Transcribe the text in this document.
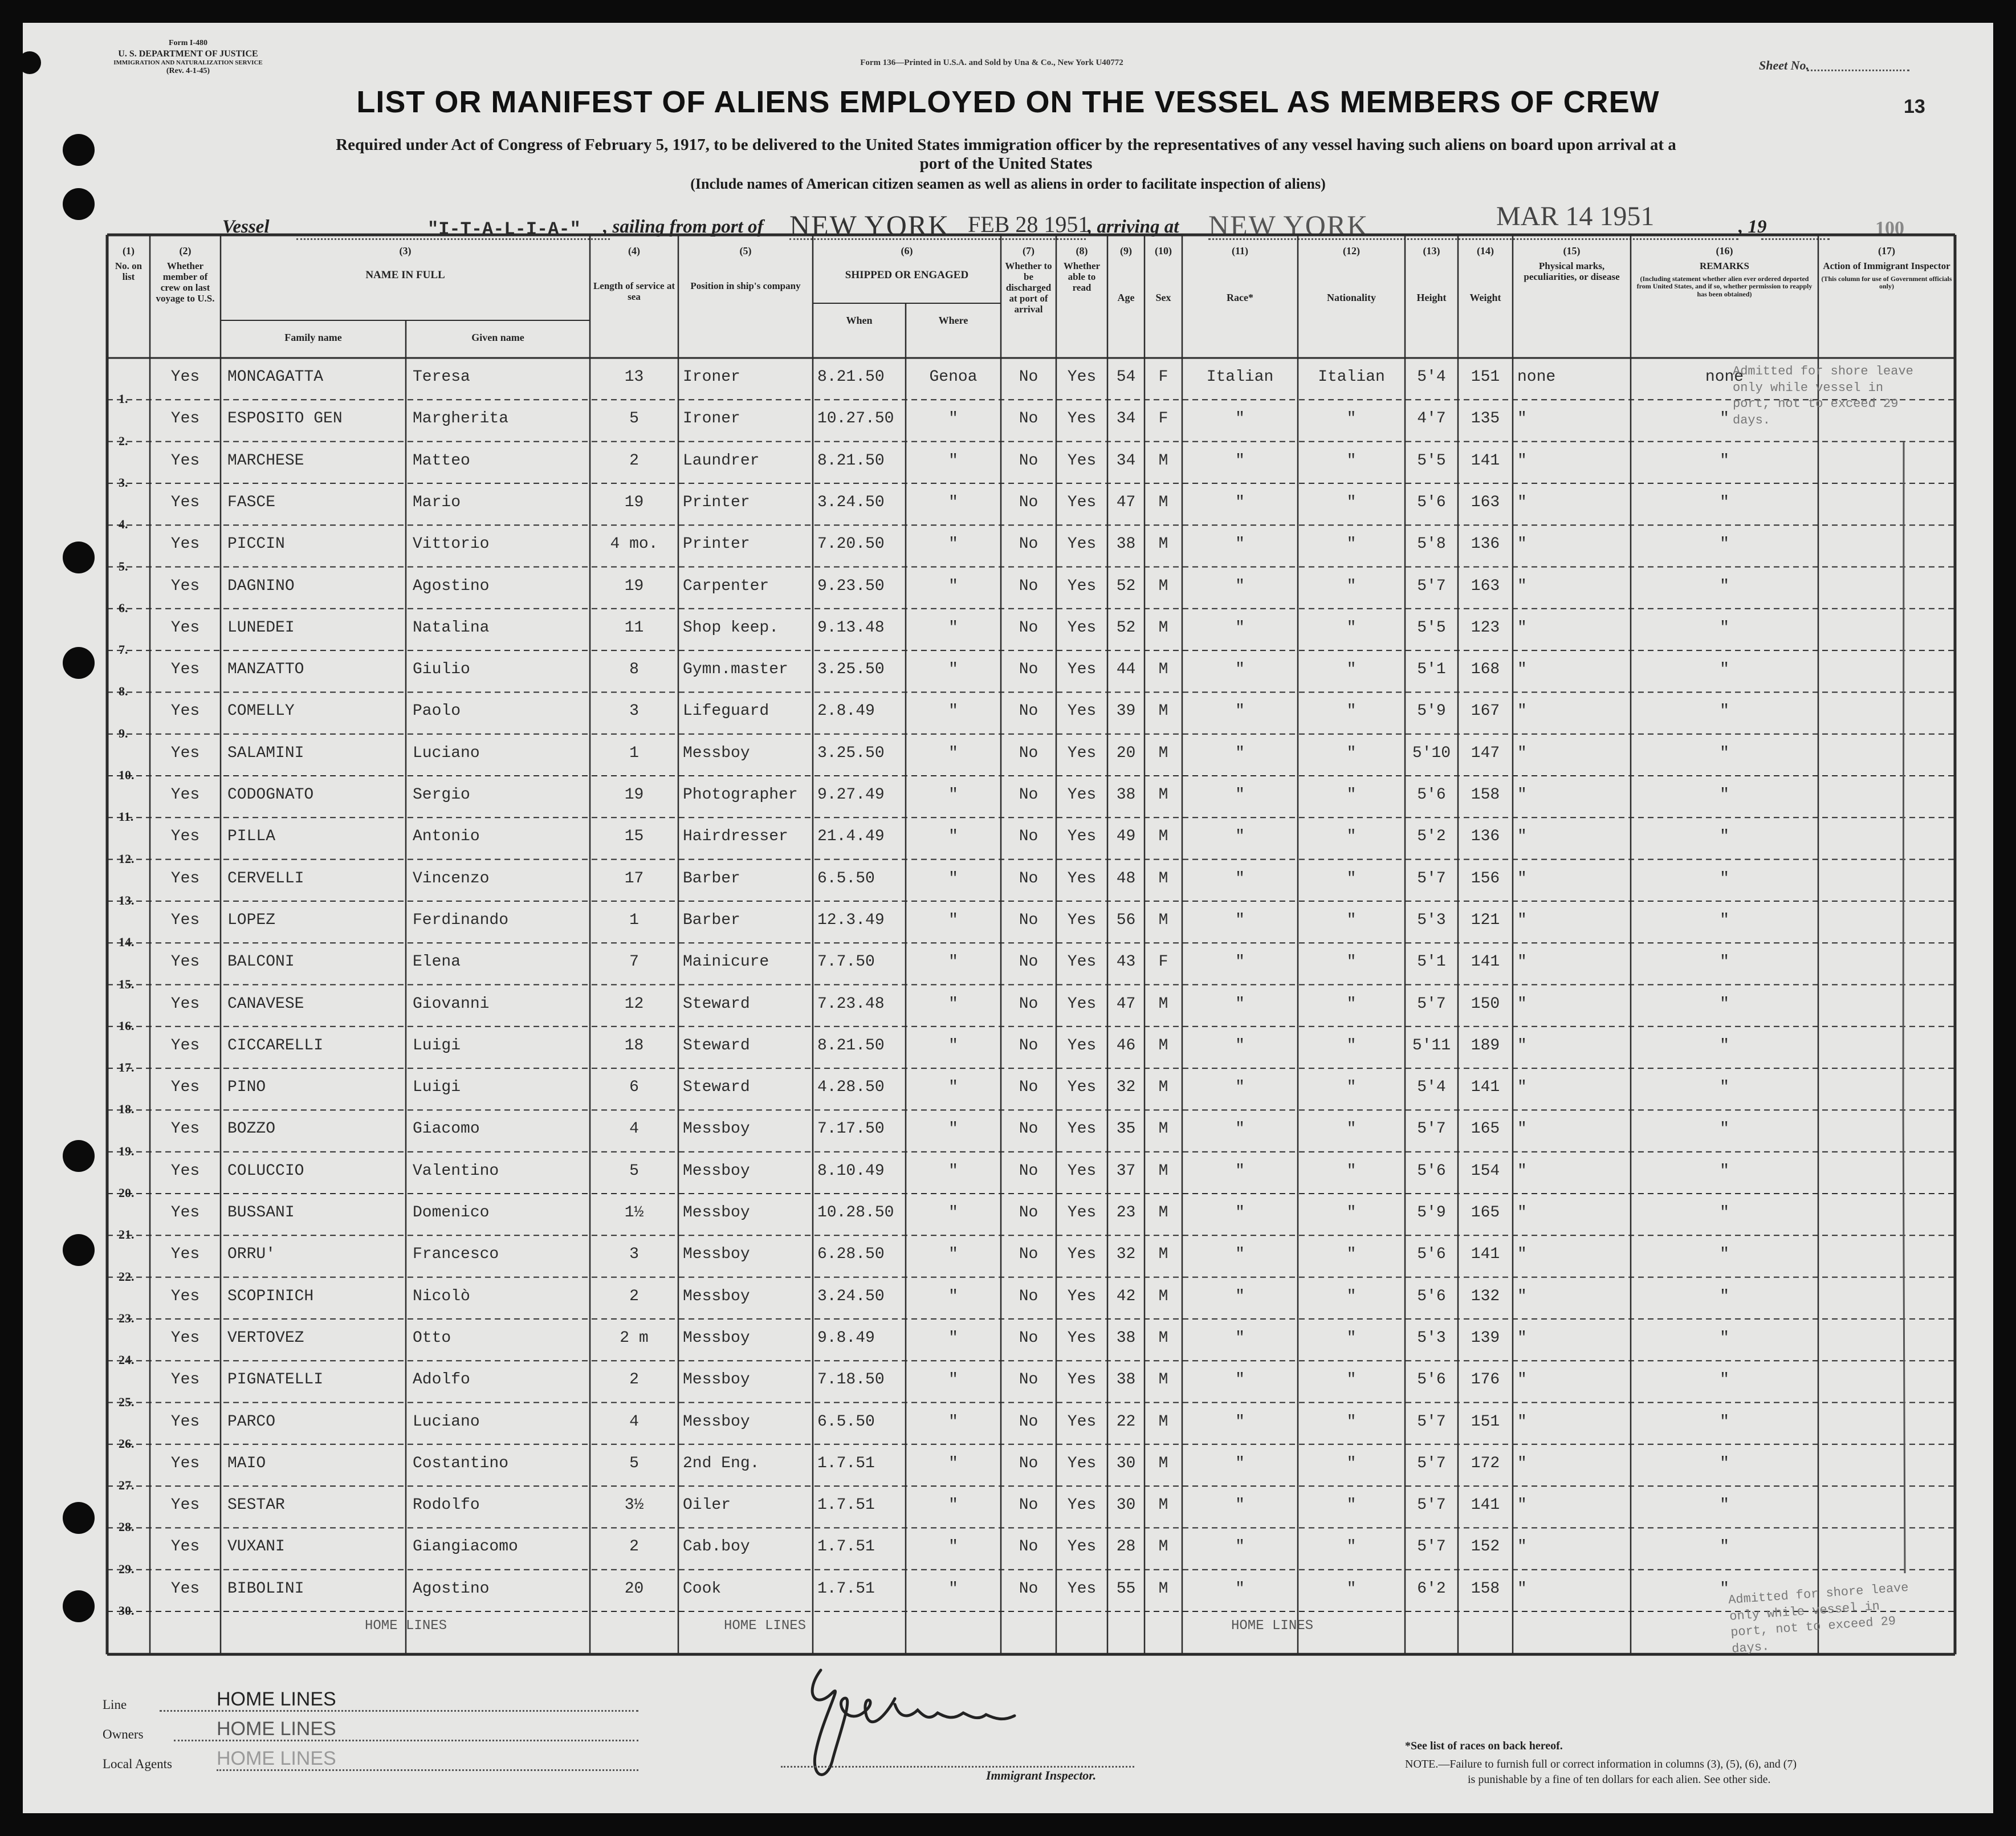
Form I-480
U. S. DEPARTMENT OF JUSTICE
IMMIGRATION AND NATURALIZATION SERVICE
(Rev. 4-1-45)
Form 136—Printed in U.S.A. and Sold by Una & Co., New York U40772	Sheet No.
13
LIST OR MANIFEST OF ALIENS EMPLOYED ON THE VESSEL AS MEMBERS OF CREW
Required under Act of Congress of February 5, 1917, to be delivered to the United States immigration officer by the representatives of any vessel having such aliens on board upon arrival at a
port of the United States
(Include names of American citizen seamen as well as aliens in order to facilitate inspection of aliens)
Vessel	"I-T-A-L-I-A-" , sailing from port of NEW YORK FEB 28 1951
, arriving at NEW YORK	MAR 14 1951	, 19	100
(1)
No. on list
(2)
Whether member of crew on last voyage to U.S.
(3)
NAME IN FULL
Family name	Given name
(4)
Length of service at sea
(5)
Position in ship's company
(6)
SHIPPED OR ENGAGED
When	Where
(7)
Whether to be discharged at port of arrival
(8)
Whether able to read
(9)
Age
(10)
Sex
(11)
Race*
(12)
Nationality
(13)
Height
(14)
Weight
(15)
Physical marks, peculiarities, or disease
(16)
REMARKS
(Including statement whether alien ever ordered deported from United States, and if so, whether permission to reapply has been obtained)
(17)
Action of Immigrant Inspector
(This column for use of Government officials only)
1.
2.
3.
4.
5.
6.
7.
8.
9.
10.
11.
12.
13.
14.
15.
16.
17.
18.
19.
20.
21.
22.
23.
24.
25.
26.
27.
28.
29.
30.
Yes	MONCAGATTA	Teresa	13	Ironer	8.21.50	Genoa	No	Yes	54	F	Italian	Italian	5'4	151	none	none
Yes	ESPOSITO GEN	Margherita	5	Ironer	10.27.50	"	No	Yes	34	F	"	"	4'7	135	"	"
Yes	MARCHESE	Matteo	2	Laundrer	8.21.50	"	No	Yes	34	M	"	"	5'5	141	"	"
Yes	FASCE	Mario	19	Printer	3.24.50	"	No	Yes	47	M	"	"	5'6	163	"	"
Yes	PICCIN	Vittorio	4 mo.	Printer	7.20.50	"	No	Yes	38	M	"	"	5'8	136	"	"
Yes	DAGNINO	Agostino	19	Carpenter	9.23.50	"	No	Yes	52	M	"	"	5'7	163	"	"
Yes	LUNEDEI	Natalina	11	Shop keep.	9.13.48	"	No	Yes	52	M	"	"	5'5	123	"	"
Yes	MANZATTO	Giulio	8	Gymn.master	3.25.50	"	No	Yes	44	M	"	"	5'1	168	"	"
Yes	COMELLY	Paolo	3	Lifeguard	2.8.49	"	No	Yes	39	M	"	"	5'9	167	"	"
Yes	SALAMINI	Luciano	1	Messboy	3.25.50	"	No	Yes	20	M	"	"	5'10	147	"	"
Yes	CODOGNATO	Sergio	19	Photographer	9.27.49	"	No	Yes	38	M	"	"	5'6	158	"	"
Yes	PILLA	Antonio	15	Hairdresser	21.4.49	"	No	Yes	49	M	"	"	5'2	136	"	"
Yes	CERVELLI	Vincenzo	17	Barber	6.5.50	"	No	Yes	48	M	"	"	5'7	156	"	"
Yes	LOPEZ	Ferdinando	1	Barber	12.3.49	"	No	Yes	56	M	"	"	5'3	121	"	"
Yes	BALCONI	Elena	7	Mainicure	7.7.50	"	No	Yes	43	F	"	"	5'1	141	"	"
Yes	CANAVESE	Giovanni	12	Steward	7.23.48	"	No	Yes	47	M	"	"	5'7	150	"	"
Yes	CICCARELLI	Luigi	18	Steward	8.21.50	"	No	Yes	46	M	"	"	5'11	189	"	"
Yes	PINO	Luigi	6	Steward	4.28.50	"	No	Yes	32	M	"	"	5'4	141	"	"
Yes	BOZZO	Giacomo	4	Messboy	7.17.50	"	No	Yes	35	M	"	"	5'7	165	"	"
Yes	COLUCCIO	Valentino	5	Messboy	8.10.49	"	No	Yes	37	M	"	"	5'6	154	"	"
Yes	BUSSANI	Domenico	1½	Messboy	10.28.50	"	No	Yes	23	M	"	"	5'9	165	"	"
Yes	ORRU'	Francesco	3	Messboy	6.28.50	"	No	Yes	32	M	"	"	5'6	141	"	"
Yes	SCOPINICH	Nicolò	2	Messboy	3.24.50	"	No	Yes	42	M	"	"	5'6	132	"	"
Yes	VERTOVEZ	Otto	2 m	Messboy	9.8.49	"	No	Yes	38	M	"	"	5'3	139	"	"
Yes	PIGNATELLI	Adolfo	2	Messboy	7.18.50	"	No	Yes	38	M	"	"	5'6	176	"	"
Yes	PARCO	Luciano	4	Messboy	6.5.50	"	No	Yes	22	M	"	"	5'7	151	"	"
Yes	MAIO	Costantino	5	2nd Eng.	1.7.51	"	No	Yes	30	M	"	"	5'7	172	"	"
Yes	SESTAR	Rodolfo	3½	Oiler	1.7.51	"	No	Yes	30	M	"	"	5'7	141	"	"
Yes	VUXANI	Giangiacomo	2	Cab.boy	1.7.51	"	No	Yes	28	M	"	"	5'7	152	"	"
Yes	BIBOLINI	Agostino	20	Cook	1.7.51	"	No	Yes	55	M	"	"	6'2	158	"	"
HOME LINES	HOME LINES	HOME LINES
Admitted for shore leave only while vessel in port, not to exceed 29 days.
Admitted for shore leave only while vessel in port, not to exceed 29 days.
Line
Owners
Local Agents
HOME LINES
HOME LINES
HOME LINES
Immigrant Inspector.
*See list of races on back hereof.
NOTE.—Failure to furnish full or correct information in columns (3), (5), (6), and (7)
is punishable by a fine of ten dollars for each alien. See other side.
